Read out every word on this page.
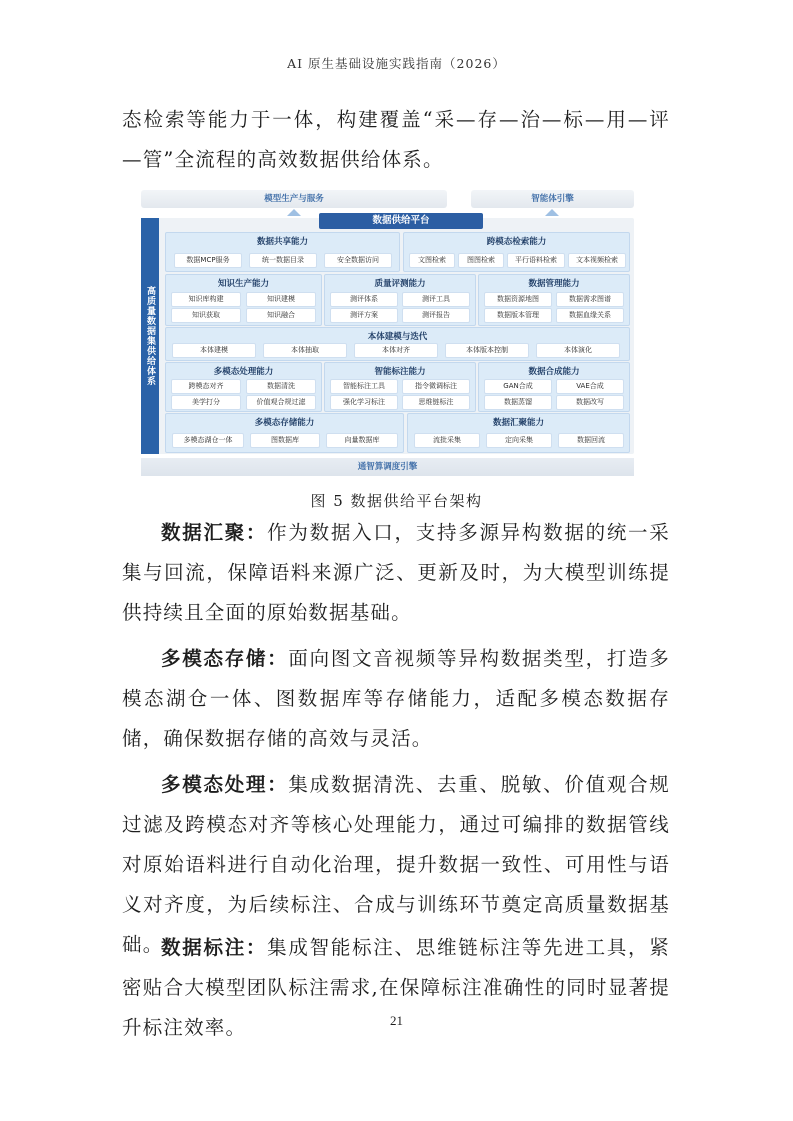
AI 原生基础设施实践指南（2026）

态检索等能力于一体，构建覆盖“采—存—治—标—用—评—管”全流程的高效数据供给体系。

模型生产与服务	智能体引擎
高质量数据集供给体系
数据供给平台
数据共享能力
数据MCP服务	统一数据目录	安全数据访问
跨模态检索能力
文图检索	图图检索	平行语料检索	文本视频检索
知识生产能力
知识库构建	知识建模
知识获取	知识融合
质量评测能力
测评体系	测评工具
测评方案	测评报告
数据管理能力
数据资源地图	数据需求图谱
数据版本管理	数据血缘关系
本体建模与迭代
本体建模	本体抽取	本体对齐	本体版本控制	本体演化
多模态处理能力
跨模态对齐	数据清洗
美学打分	价值观合规过滤
智能标注能力
智能标注工具	指令微调标注
强化学习标注	思维链标注
数据合成能力
GAN合成	VAE合成
数据蒸馏	数据改写
多模态存储能力
多模态湖仓一体	图数据库	向量数据库
数据汇聚能力
流批采集	定向采集	数据回流
通智算调度引擎
图 5 数据供给平台架构

数据汇聚：作为数据入口，支持多源异构数据的统一采集与回流，保障语料来源广泛、更新及时，为大模型训练提供持续且全面的原始数据基础。

多模态存储：面向图文音视频等异构数据类型，打造多模态湖仓一体、图数据库等存储能力，适配多模态数据存储，确保数据存储的高效与灵活。

多模态处理：集成数据清洗、去重、脱敏、价值观合规过滤及跨模态对齐等核心处理能力，通过可编排的数据管线对原始语料进行自动化治理，提升数据一致性、可用性与语义对齐度，为后续标注、合成与训练环节奠定高质量数据基础。

数据标注：集成智能标注、思维链标注等先进工具，紧密贴合大模型团队标注需求,在保障标注准确性的同时显著提升标注效率。	21
